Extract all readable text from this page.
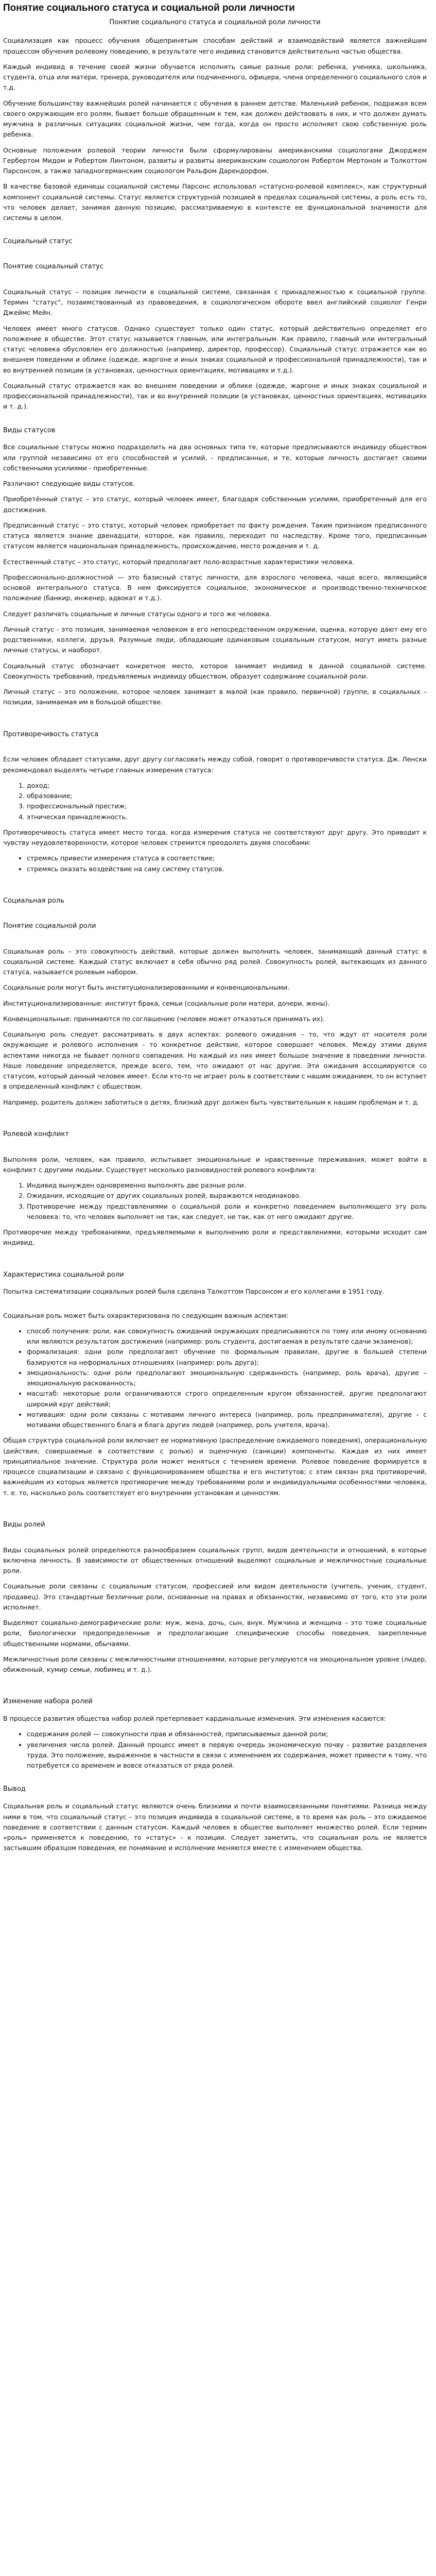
Понятие социального статуса и социальной роли личности
Понятие социального статуса и социальной роли личности

Социализация как процесс обучения общепринятым способам действий и взаимодействий является важнейшим процессом обучения ролевому поведению, в результате чего индивид становится действительно частью общества.

Каждый индивид в течение своей жизни обучается исполнять самые разные роли: ребенка, ученика, школьника, студента, отца или матери, тренера, руководителя или подчиненного, офицера, члена определенного социального слоя и т.д.

Обучение большинству важнейших ролей начинается с обучения в раннем детстве. Маленький ребенок, подражая всем своего окружающим его ролям, бывает больше обращенным к тем, как должен действовать в них, и что должен думать мужчина в различных ситуациях социальной жизни, чем тогда, когда он просто исполняет свою собственную роль ребенка.

Основные положения ролевой теории личности были сформулированы американскими социологами Джорджем Гербертом Мидом и Робертом Линтоном, развиты и развиты американским социологом Робертом Мертоном и Толкоттом Парсонсом, а также западногерманским социологом Ральфом Дарендорфом.

В качестве базовой единицы социальной системы Парсонс использовал «статусно-ролевой комплекс», как структурный компонент социальной системы. Статус является структурной позицией в пределах социальной системы, а роль есть то, что человек делает, занимая данную позицию, рассматриваемую в контексте ее функциональной значимости для системы в целом.

Социальный статус
Понятие социальный статус

Социальный статус – позиция личности в социальной системе, связанная с принадлежностью к социальной группе. Термин "статус", позаимствованный из правоведения, в социологическом обороте ввел английский социолог Генри Джеймс Мейн.

Человек имеет много статусов. Однако существует только один статус, который действительно определяет его положение в обществе. Этот статус называется главным, или интегральным. Как правило, главный или интегральный статус человека обусловлен его должностью (например, директор, профессор). Социальный статус отражается как во внешнем поведении и облике (одежде, жаргоне и иных знаках социальной и профессиональной принадлежности), так и во внутренней позиции (в установках, ценностных ориентациях, мотивациях и т.д.).

Социальный статус отражается как во внешнем поведении и облике (одежде, жаргоне и иных знаках социальной и профессиональной принадлежности), так и во внутренней позиции (в установках, ценностных ориентациях, мотивациях и т. д.).

Виды статусов

Все социальные статусы можно подразделить на два основных типа те, которые предписываются индивиду обществом или группой независимо от его способностей и усилий, - предписанные, и те, которые личность достигает своими собственными усилиями - приобретенные.

Различают следующие виды статусов.

Приобретённый статус – это статус, который человек имеет, благодаря собственным усилиям, приобретенный для его достижения.

Предписанный статус – это статус, который человек приобретает по факту рождения. Таким признаком предписанного статуса является знание двенадцати, которое, как правило, переходит по наследству. Кроме того, предписанным статусом является национальная принадлежность, происхождение, место рождения и т. д.

Естественный статус – это статус, который предполагает поло-возрастные характеристики человека.

Профессионально-должностной — это базисный статус личности, для взрослого человека, чаще всего, являющийся основой интегрального статуса. В нем фиксируется социальное, экономическое и производственно-техническое положение (банкир, инженер, адвокат и т.д.).

Следует различать социальные и личные статусы одного и того же человека.

Личный статус - это позиция, занимаемая человеком в его непосредственном окружении, оценка, которую дают ему его родственники, коллеги, друзья. Разумные люди, обладающие одинаковым социальным статусом, могут иметь разные личные статусы, и наоборот.

Социальный статус обозначает конкретное место, которое занимает индивид в данной социальной системе. Совокупность требований, предъявляемых индивиду обществом, образует содержание социальной роли.

Личный статус – это положение, которое человек занимает в малой (как правило, первичной) группе, в социальных – позиции, занимаемая им в большой обществе.

Противоречивость статуса

Если человек обладает статусами, друг другу согласовать между собой, говорят о противоречивости статуса. Дж. Ленски рекомендовал выделять четыре главных измерения статуса:

1. доход;
2. образование;
3. профессиональный престиж;
4. этническая принадлежность.

Противоречивость статуса имеет место тогда, когда измерения статуса не соответствуют друг другу. Это приводит к чувству неудовлетворенности, которое человек стремится преодолеть двумя способами:

• стремясь привести измерения статуса в соответствие;
• стремясь оказать воздействие на саму систему статусов.
Социальная роль
Понятие социальной роли

Социальная роль – это совокупность действий, которые должен выполнить человек, занимающий данный статус в социальной системе. Каждый статус включает в себя обычно ряд ролей. Совокупность ролей, вытекающих из данного статуса, называется ролевым набором.

Социальные роли могут быть институционализированными и конвенциональными.

Институционализированные: институт брака, семьи (социальные роли матери, дочери, жены).

Конвенциональные: принимаются по соглашению (человек может отказаться принимать их).

Социальную роль следует рассматривать в двух аспектах: ролевого ожидания – то, что ждут от носителя роли окружающие и ролевого исполнения - то конкретное действие, которое совершает человек. Между этими двумя аспектами никогда не бывает полного совпадения. Но каждый из них имеет большое значение в поведении личности. Наше поведение определяется, прежде всего, тем, что ожидают от нас другие. Эти ожидания ассоциируются со статусом, который данный человек имеет. Если кто-то не играет роль в соответствии с нашим ожиданием, то он вступает в определенный конфликт с обществом.

Например, родитель должен заботиться о детях, близкий друг должен быть чувствительным к нашим проблемам и т. д.

Ролевой конфликт

Выполняя роли, человек, как правило, испытывает эмоциональные и нравственные переживания, может войти в конфликт с другими людьми. Существует несколько разновидностей ролевого конфликта:

1. Индивид вынужден одновременно выполнять две разные роли.
2. Ожидания, исходящие от других социальных ролей, выражаются неодинаково.
3. Противоречие между представлениями о социальной роли и конкретно поведением выполняющего эту роль человека: то, что человек выполняет не так, как следует, не так, как от него ожидают другие.

Противоречие между требованиями, предъявляемыми к выполнению роли и представлениями, которыми исходит сам индивид.

Характеристика социальной роли

Попытка систематизации социальных ролей была сделана Талкоттом Парсонсом и его коллегами в 1951 году.

Социальная роль может быть охарактеризована по следующим важным аспектам:

• способ получения: роли, как совокупность ожиданий окружающих предписываются по тому или иному основанию или являются результатом достижения (например: роль студента, достигаемая в результате сдачи экзаменов);
• формализация: одни роли предполагают обучение по формальным правилам, другие в большей степени базируются на неформальных отношениях (например: роль друга);
• эмоциональность: одни роли предполагают эмоциональную сдержанность (например, роль врача), другие – эмоциональную раскованность;
• масштаб: некоторые роли ограничиваются строго определенным кругом обязанностей, другие предполагают широкий круг действий;
• мотивация: одни роли связаны с мотивами личного интереса (например, роль предпринимателя), другие – с мотивами общественного блага и блага других людей (например, роль учителя, врача).

Общая структура социальной роли включает ее нормативную (распределение ожидаемого поведения), операциональную (действия, совершаемые в соответствии с ролью) и оценочную (санкции) компоненты. Каждая из них имеет принципиальное значение. Структура роли может меняться с течением времени. Ролевое поведение формируется в процессе социализации и связано с функционированием общества и его институтов; с этим связан ряд противоречий, важнейшим из которых является противоречие между требованиями роли и индивидуальными особенностями человека, т. е. то, насколько роль соответствует его внутренним установкам и ценностям.

Виды ролей

Виды социальных ролей определяются разнообразием социальных групп, видов деятельности и отношений, в которые включена личность. В зависимости от общественных отношений выделяют социальные и межличностные социальные роли.

Социальные роли связаны с социальным статусом, профессией или видом деятельности (учитель, ученик, студент, продавец). Это стандартные безличные роли, основанные на правах и обязанностях, независимо от того, кто эти роли исполняет.

Выделяют социально-демографические роли: муж, жена, дочь, сын, внук. Мужчина и женщина – это тоже социальные роли, биологически предопределенные и предполагающие специфические способы поведения, закрепленные общественными нормами, обычаями.

Межличностные роли связаны с межличностными отношениями, которые регулируются на эмоциональном уровне (лидер, обиженный, кумир семьи, любимец и т. д.).

Изменение набора ролей

В процессе развития общества набор ролей претерпевает кардинальные изменения. Эти изменения касаются:

• содержания ролей — совокупности прав и обязанностей, приписываемых данной роли;
• увеличения числа ролей. Данный процесс имеет в первую очередь экономическую почву - развитие разделения труда. Это положение, выраженное в частности в связи с изменением их содержания, может привести к тому, что потребуется со временем и вовсе отказаться от ряда ролей.
Вывод

Социальная роль и социальный статус являются очень близкими и почти взаимосвязанными понятиями. Разница между ними в том, что социальный статус – это позиция индивида в социальной системе, в то время как роль – это ожидаемое поведение в соответствии с данным статусом. Каждый человек в обществе выполняет множество ролей. Если термин «роль» применяется к поведению, то «статус» - к позиции. Следует заметить, что социальная роль не является застывшим образцом поведения, ее понимание и исполнение меняются вместе с изменением общества.
